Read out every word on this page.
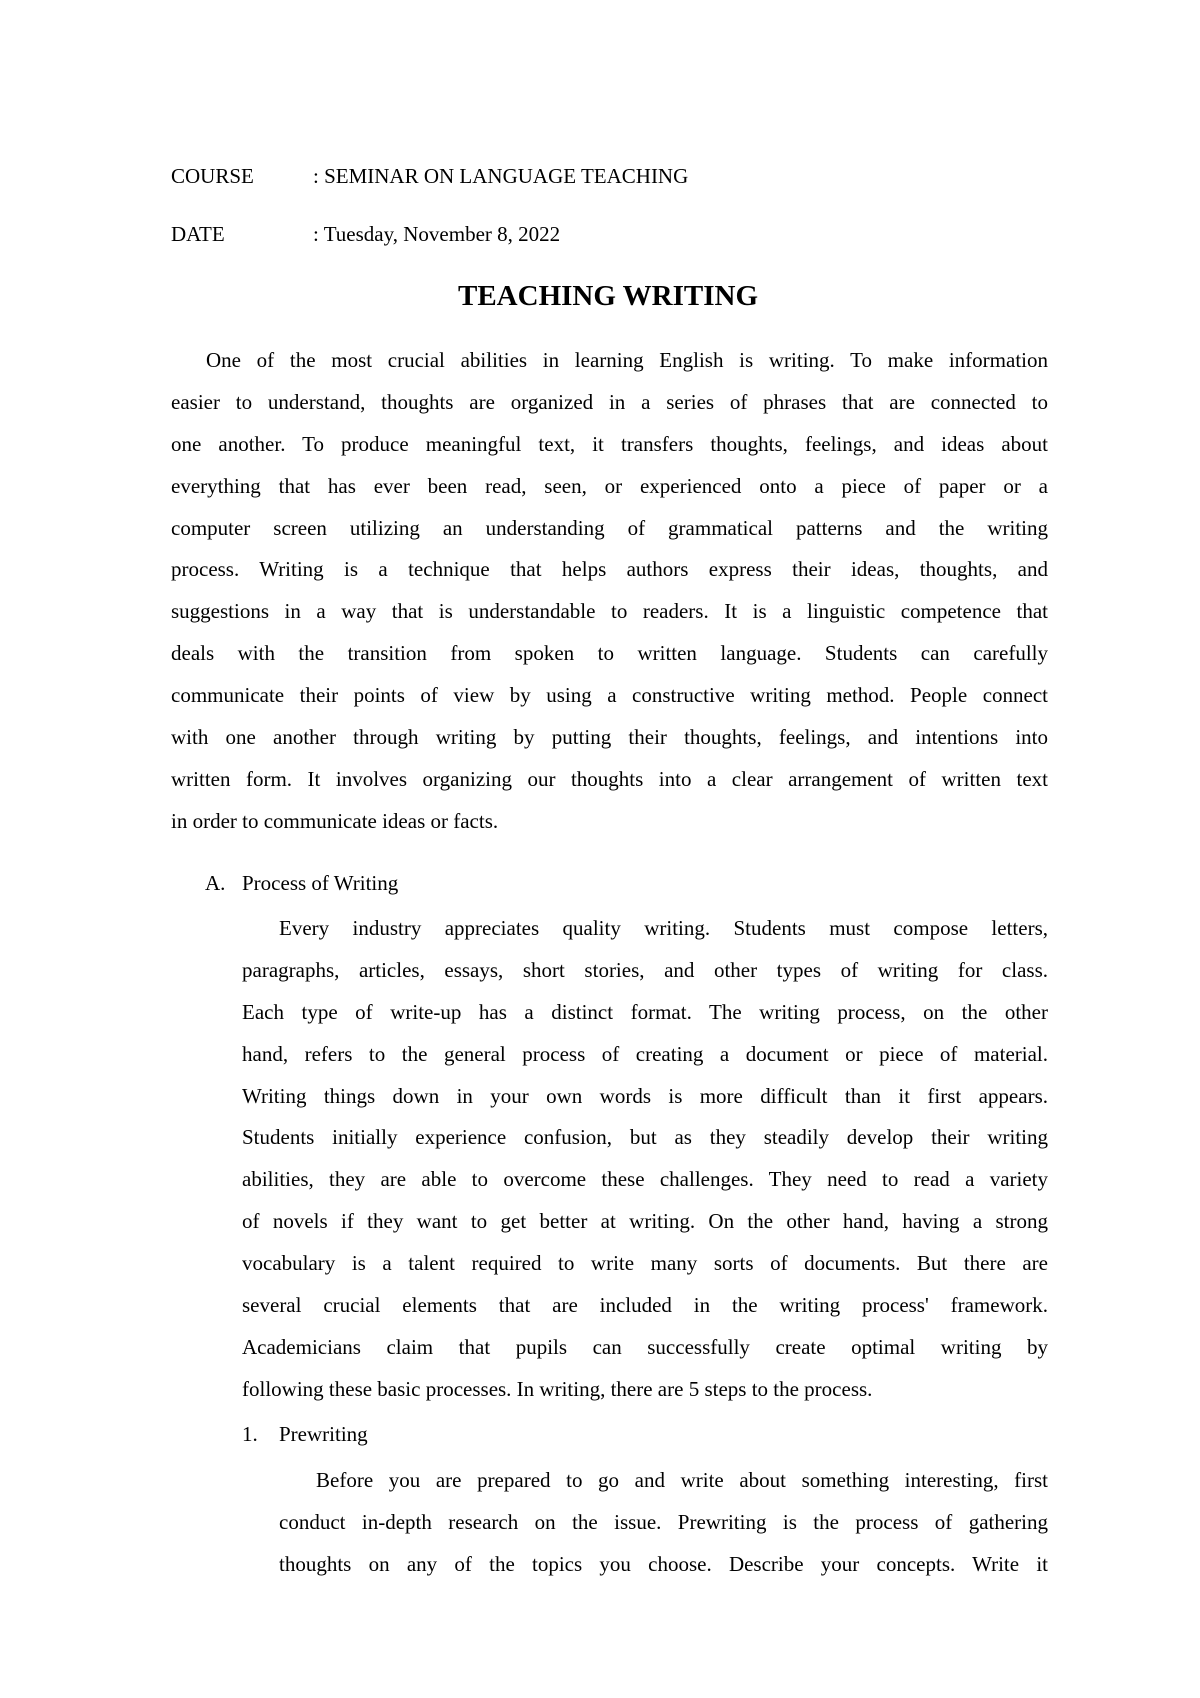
COURSE	: SEMINAR ON LANGUAGE TEACHING
DATE	: Tuesday, November 8, 2022
TEACHING WRITING
One of the most crucial abilities in learning English is writing. To make information
easier to understand, thoughts are organized in a series of phrases that are connected to
one another. To produce meaningful text, it transfers thoughts, feelings, and ideas about
everything that has ever been read, seen, or experienced onto a piece of paper or a
computer screen utilizing an understanding of grammatical patterns and the writing
process. Writing is a technique that helps authors express their ideas, thoughts, and
suggestions in a way that is understandable to readers. It is a linguistic competence that
deals with the transition from spoken to written language. Students can carefully
communicate their points of view by using a constructive writing method. People connect
with one another through writing by putting their thoughts, feelings, and intentions into
written form. It involves organizing our thoughts into a clear arrangement of written text
in order to communicate ideas or facts.
A. Process of Writing
Every industry appreciates quality writing. Students must compose letters,
paragraphs, articles, essays, short stories, and other types of writing for class.
Each type of write-up has a distinct format. The writing process, on the other
hand, refers to the general process of creating a document or piece of material.
Writing things down in your own words is more difficult than it first appears.
Students initially experience confusion, but as they steadily develop their writing
abilities, they are able to overcome these challenges. They need to read a variety
of novels if they want to get better at writing. On the other hand, having a strong
vocabulary is a talent required to write many sorts of documents. But there are
several crucial elements that are included in the writing process' framework.
Academicians claim that pupils can successfully create optimal writing by
following these basic processes. In writing, there are 5 steps to the process.
1. Prewriting
Before you are prepared to go and write about something interesting, first
conduct in-depth research on the issue. Prewriting is the process of gathering
thoughts on any of the topics you choose. Describe your concepts. Write it
